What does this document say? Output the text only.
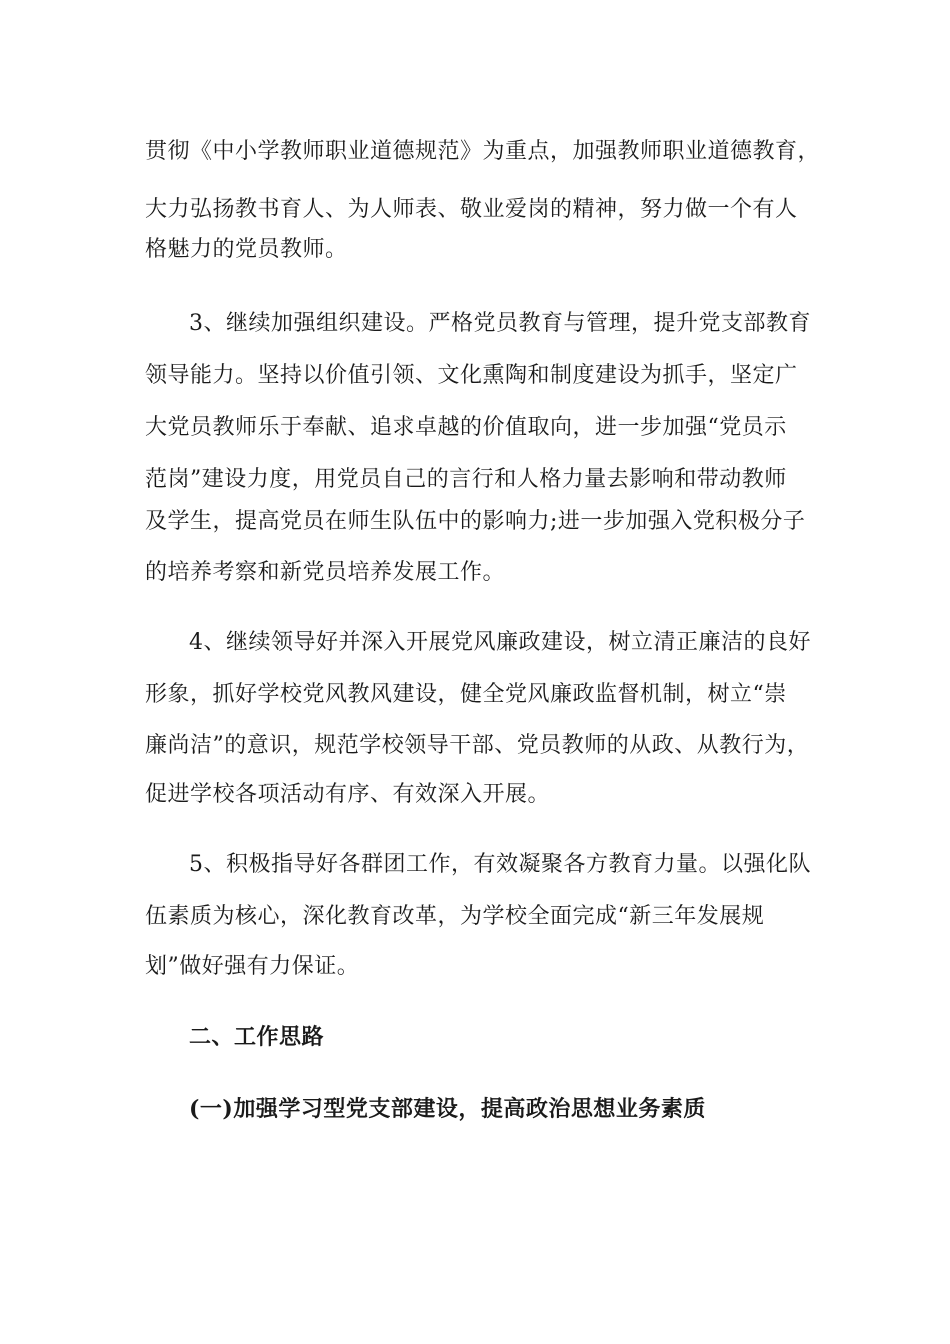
贯彻《中小学教师职业道德规范》为重点，加强教师职业道德教育，
大力弘扬教书育人、为人师表、敬业爱岗的精神，努力做一个有人
格魅力的党员教师。
3、继续加强组织建设。严格党员教育与管理，提升党支部教育
领导能力。坚持以价值引领、文化熏陶和制度建设为抓手，坚定广
大党员教师乐于奉献、追求卓越的价值取向，进一步加强“党员示
范岗”建设力度，用党员自己的言行和人格力量去影响和带动教师
及学生，提高党员在师生队伍中的影响力;进一步加强入党积极分子
的培养考察和新党员培养发展工作。
4、继续领导好并深入开展党风廉政建设，树立清正廉洁的良好
形象，抓好学校党风教风建设，健全党风廉政监督机制，树立“崇
廉尚洁”的意识，规范学校领导干部、党员教师的从政、从教行为，
促进学校各项活动有序、有效深入开展。
5、积极指导好各群团工作，有效凝聚各方教育力量。以强化队
伍素质为核心，深化教育改革，为学校全面完成“新三年发展规
划”做好强有力保证。
二、工作思路
(一)加强学习型党支部建设，提高政治思想业务素质
